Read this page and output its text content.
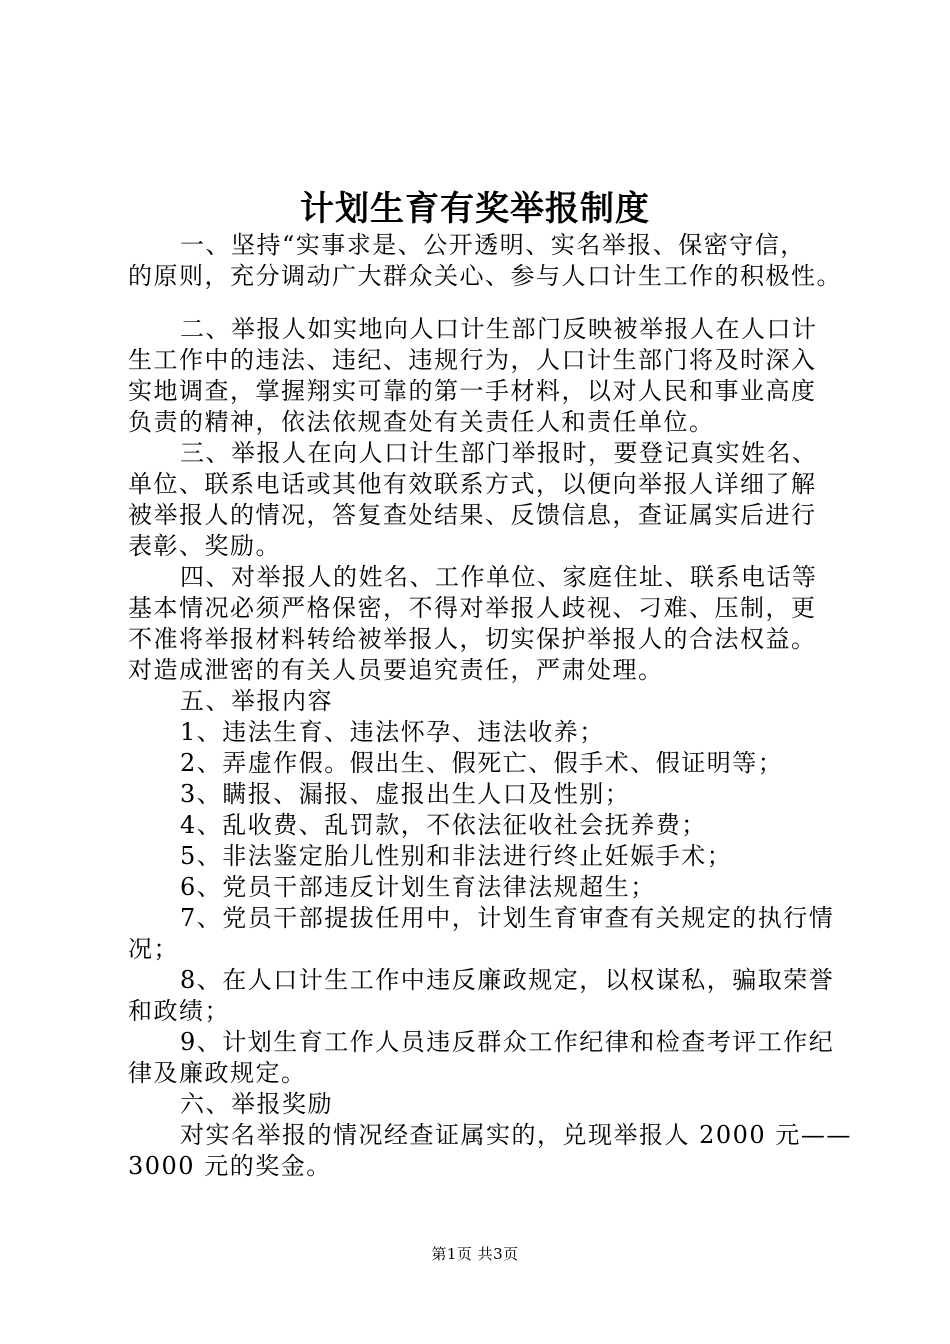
计划生育有奖举报制度
一、坚持“实事求是、公开透明、实名举报、保密守信，
的原则，充分调动广大群众关心、参与人口计生工作的积极性。
二、举报人如实地向人口计生部门反映被举报人在人口计
生工作中的违法、违纪、违规行为，人口计生部门将及时深入
实地调查，掌握翔实可靠的第一手材料，以对人民和事业高度
负责的精神，依法依规查处有关责任人和责任单位。
三、举报人在向人口计生部门举报时，要登记真实姓名、
单位、联系电话或其他有效联系方式，以便向举报人详细了解
被举报人的情况，答复查处结果、反馈信息，查证属实后进行
表彰、奖励。
四、对举报人的姓名、工作单位、家庭住址、联系电话等
基本情况必须严格保密，不得对举报人歧视、刁难、压制，更
不准将举报材料转给被举报人，切实保护举报人的合法权益。
对造成泄密的有关人员要追究责任，严肃处理。
五、举报内容
1、违法生育、违法怀孕、违法收养；
2、弄虚作假。假出生、假死亡、假手术、假证明等；
3、瞒报、漏报、虚报出生人口及性别；
4、乱收费、乱罚款，不依法征收社会抚养费；
5、非法鉴定胎儿性别和非法进行终止妊娠手术；
6、党员干部违反计划生育法律法规超生；
7、党员干部提拔任用中，计划生育审查有关规定的执行情
况；
8、在人口计生工作中违反廉政规定，以权谋私，骗取荣誉
和政绩；
9、计划生育工作人员违反群众工作纪律和检查考评工作纪
律及廉政规定。
六、举报奖励
对实名举报的情况经查证属实的，兑现举报人 2000 元——
3000 元的奖金。
第1页 共3页
